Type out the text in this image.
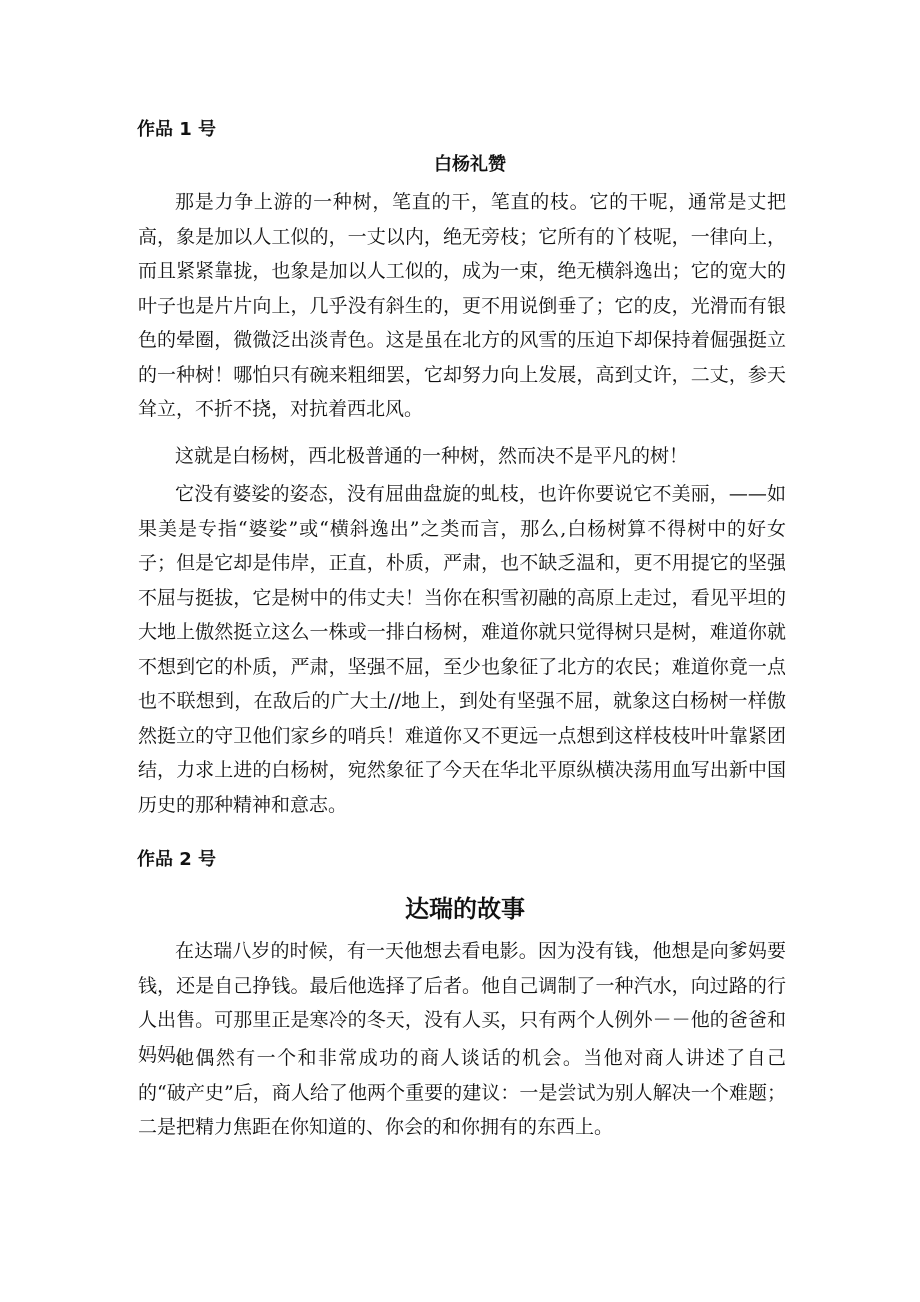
作品 1 号
白杨礼赞

那是力争上游的一种树，笔直的干，笔直的枝。它的干呢，通常是丈把高，象是加以人工似的，一丈以内，绝无旁枝；它所有的丫枝呢，一律向上，而且紧紧靠拢，也象是加以人工似的，成为一束，绝无横斜逸出；它的宽大的叶子也是片片向上，几乎没有斜生的，更不用说倒垂了；它的皮，光滑而有银色的晕圈，微微泛出淡青色。这是虽在北方的风雪的压迫下却保持着倔强挺立的一种树！哪怕只有碗来粗细罢，它却努力向上发展，高到丈许，二丈，参天耸立，不折不挠，对抗着西北风。

这就是白杨树，西北极普通的一种树，然而决不是平凡的树！

它没有婆娑的姿态，没有屈曲盘旋的虬枝，也许你要说它不美丽，——如果美是专指“婆娑”或“横斜逸出”之类而言，那么,白杨树算不得树中的好女子；但是它却是伟岸，正直，朴质，严肃，也不缺乏温和，更不用提它的坚强不屈与挺拔，它是树中的伟丈夫！当你在积雪初融的高原上走过，看见平坦的大地上傲然挺立这么一株或一排白杨树，难道你就只觉得树只是树，难道你就不想到它的朴质，严肃，坚强不屈，至少也象征了北方的农民；难道你竟一点也不联想到，在敌后的广大土//地上，到处有坚强不屈，就象这白杨树一样傲然挺立的守卫他们家乡的哨兵！难道你又不更远一点想到这样枝枝叶叶靠紧团结，力求上进的白杨树，宛然象征了今天在华北平原纵横决荡用血写出新中国历史的那种精神和意志。

作品 2 号
达瑞的故事

在达瑞八岁的时候，有一天他想去看电影。因为没有钱，他想是向爹妈要钱，还是自己挣钱。最后他选择了后者。他自己调制了一种汽水，向过路的行人出售。可那里正是寒冷的冬天，没有人买，只有两个人例外－－他的爸爸和妈妈。

他偶然有一个和非常成功的商人谈话的机会。当他对商人讲述了自己的“破产史”后，商人给了他两个重要的建议：一是尝试为别人解决一个难题；二是把精力焦距在你知道的、你会的和你拥有的东西上。
